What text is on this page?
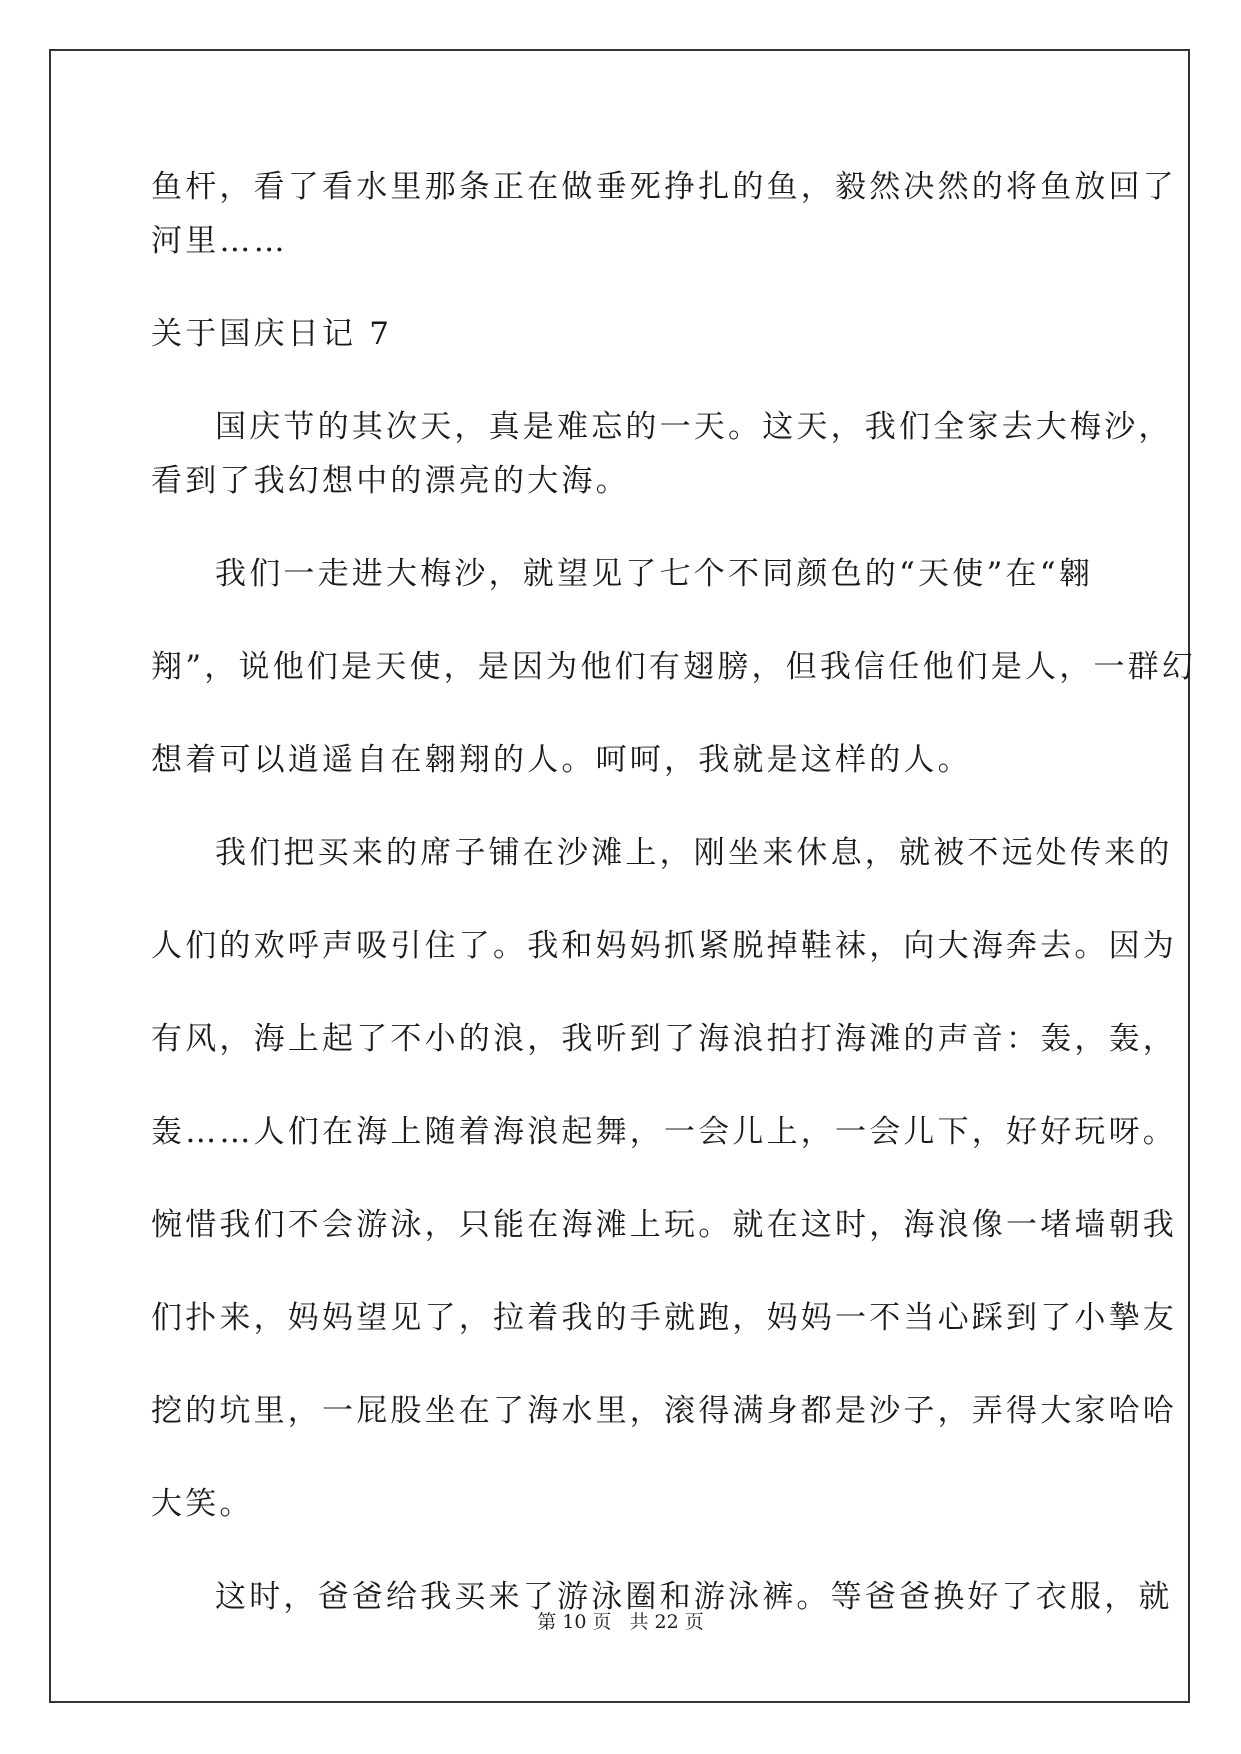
鱼杆，看了看水里那条正在做垂死挣扎的鱼，毅然决然的将鱼放回了
河里……
关于国庆日记 7
国庆节的其次天，真是难忘的一天。这天，我们全家去大梅沙，
看到了我幻想中的漂亮的大海。
我们一走进大梅沙，就望见了七个不同颜色的“天使”在“翱
翔”，说他们是天使，是因为他们有翅膀，但我信任他们是人，一群幻
想着可以逍遥自在翱翔的人。呵呵，我就是这样的人。
我们把买来的席子铺在沙滩上，刚坐来休息，就被不远处传来的
人们的欢呼声吸引住了。我和妈妈抓紧脱掉鞋袜，向大海奔去。因为
有风，海上起了不小的浪，我听到了海浪拍打海滩的声音：轰，轰，
轰……人们在海上随着海浪起舞，一会儿上，一会儿下，好好玩呀。
惋惜我们不会游泳，只能在海滩上玩。就在这时，海浪像一堵墙朝我
们扑来，妈妈望见了，拉着我的手就跑，妈妈一不当心踩到了小摯友
挖的坑里，一屁股坐在了海水里，滚得满身都是沙子，弄得大家哈哈
大笑。
这时，爸爸给我买来了游泳圈和游泳裤。等爸爸换好了衣服，就
第 10 页 共 22 页
